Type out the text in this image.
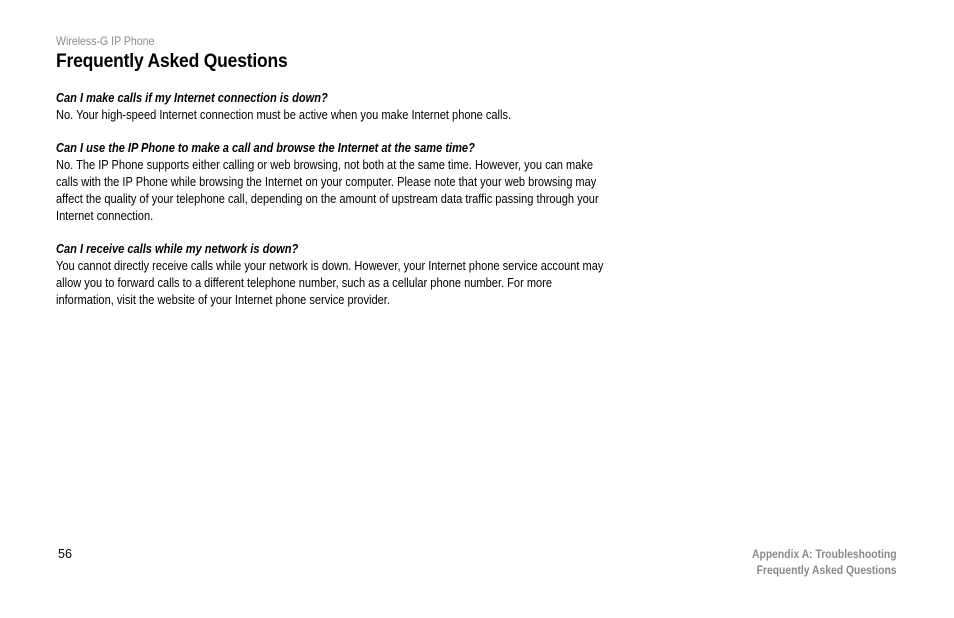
Wireless-G IP Phone
Frequently Asked Questions

Can I make calls if my Internet connection is down?

No. Your high-speed Internet connection must be active when you make Internet phone calls.

Can I use the IP Phone to make a call and browse the Internet at the same time?

No. The IP Phone supports either calling or web browsing, not both at the same time. However, you can make
calls with the IP Phone while browsing the Internet on your computer. Please note that your web browsing may
affect the quality of your telephone call, depending on the amount of upstream data traffic passing through your
Internet connection.

Can I receive calls while my network is down?

You cannot directly receive calls while your network is down. However, your Internet phone service account may
allow you to forward calls to a different telephone number, such as a cellular phone number. For more
information, visit the website of your Internet phone service provider.

56	Appendix A: Troubleshooting
Frequently Asked Questions
